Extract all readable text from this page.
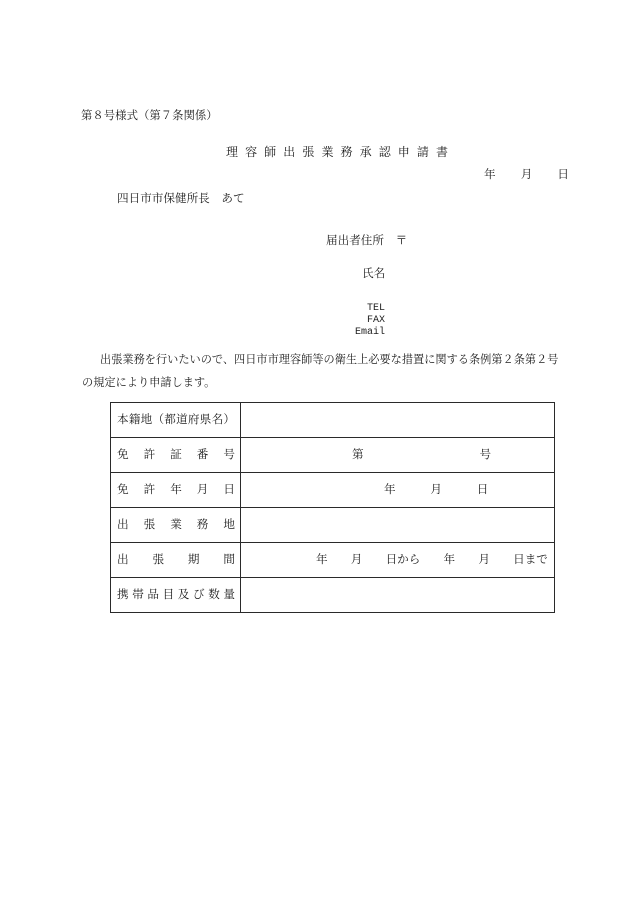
第８号様式（第７条関係）
理 容 師 出 張 業 務 承 認 申 請 書
年　　月　　日
四日市市保健所長　あて
届出者住所　〒
氏名
TEL
FAX
Email
出張業務を行いたいので、四日市市理容師等の衛生上必要な措置に関する条例第２条第２号
の規定により申請します。
本籍地（都道府県名）	

免　許　証　番　号	第　　　　　　　　　　号

免　許　年　月　日	年　　　月　　　日

出　張　業　務　地	

出　　張　　期　　間	年　　月　　日から　　年　　月　　日まで

携 帯 品 目 及 び 数 量	
